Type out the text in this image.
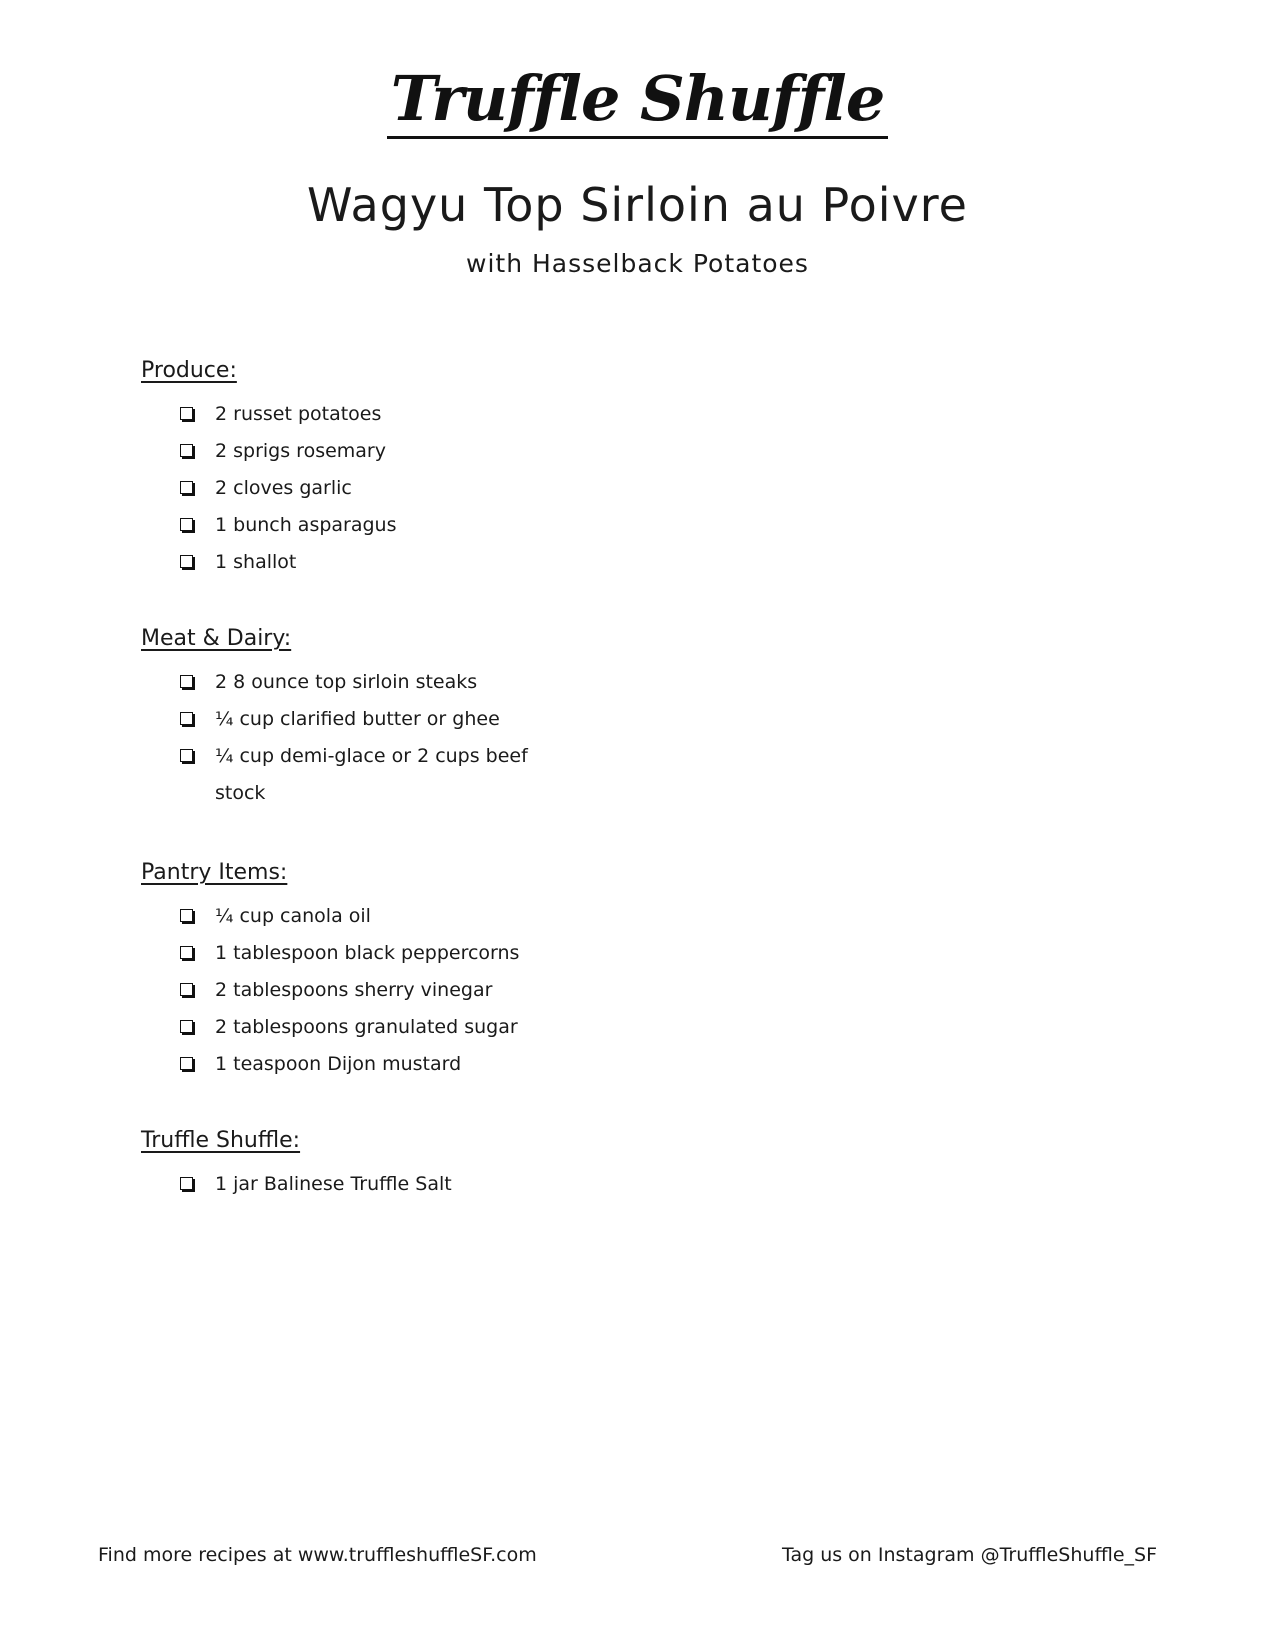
Truffle Shuffle
Wagyu Top Sirloin au Poivre
with Hasselback Potatoes
Produce:
2 russet potatoes
2 sprigs rosemary
2 cloves garlic
1 bunch asparagus
1 shallot
Meat & Dairy:
2 8 ounce top sirloin steaks
¼ cup clarified butter or ghee
¼ cup demi-glace or 2 cups beef stock
Pantry Items:
¼ cup canola oil
1 tablespoon black peppercorns
2 tablespoons sherry vinegar
2 tablespoons granulated sugar
1 teaspoon Dijon mustard
Truffle Shuffle:
1 jar Balinese Truffle Salt
Find more recipes at www.truffleshuffleSF.com	Tag us on Instagram @TruffleShuffle_SF
